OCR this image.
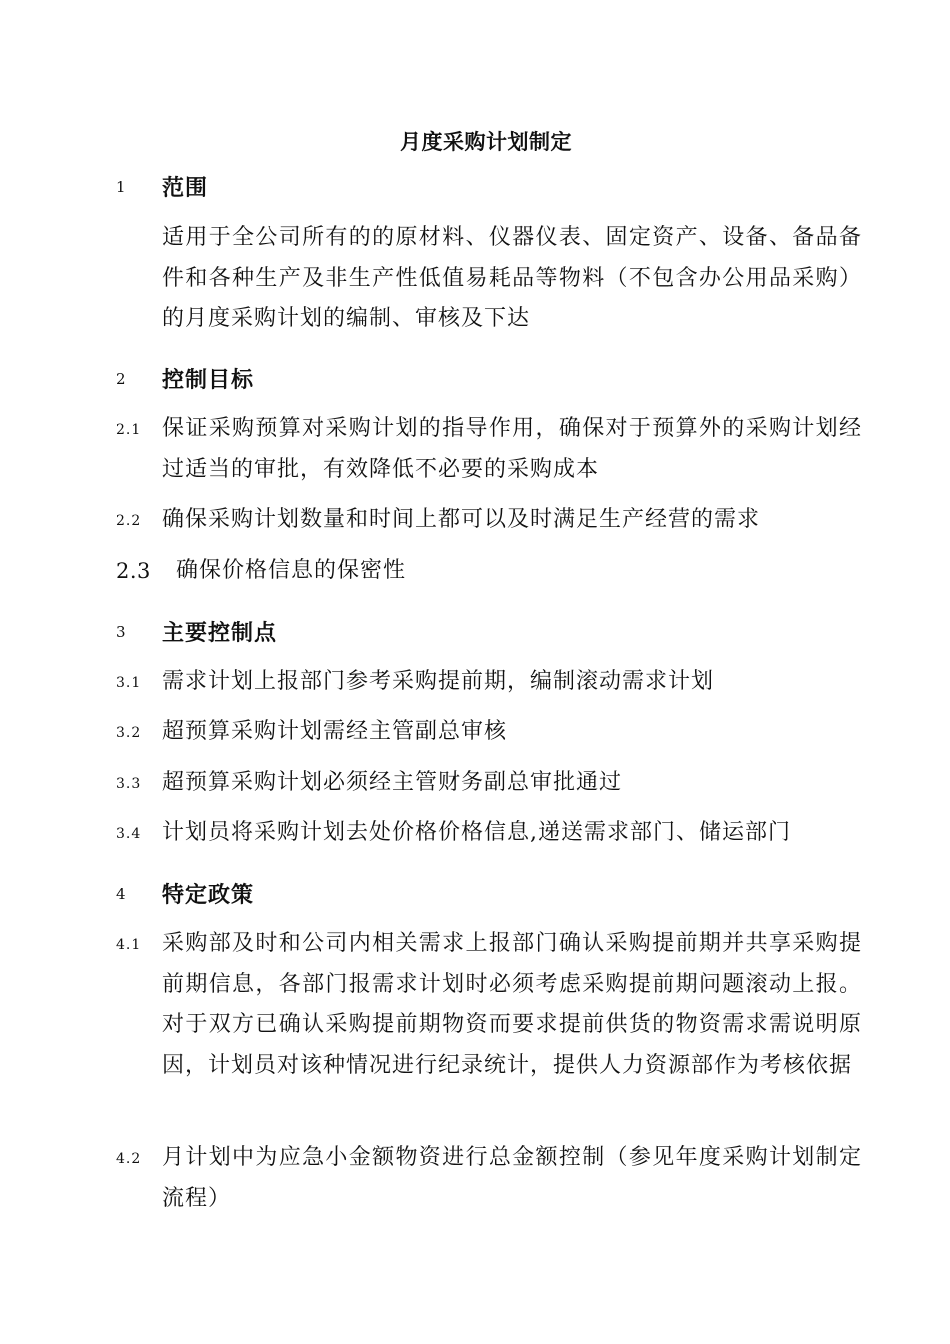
月度采购计划制定
1 范围
适用于全公司所有的的原材料、仪器仪表、固定资产、设备、备品备件和各种生产及非生产性低值易耗品等物料（不包含办公用品采购）的月度采购计划的编制、审核及下达
2 控制目标
2.1 保证采购预算对采购计划的指导作用，确保对于预算外的采购计划经过适当的审批，有效降低不必要的采购成本
2.2 确保采购计划数量和时间上都可以及时满足生产经营的需求
2.3 确保价格信息的保密性
3 主要控制点
3.1 需求计划上报部门参考采购提前期，编制滚动需求计划
3.2 超预算采购计划需经主管副总审核
3.3 超预算采购计划必须经主管财务副总审批通过
3.4 计划员将采购计划去处价格价格信息,递送需求部门、储运部门
4 特定政策
4.1 采购部及时和公司内相关需求上报部门确认采购提前期并共享采购提前期信息，各部门报需求计划时必须考虑采购提前期问题滚动上报。对于双方已确认采购提前期物资而要求提前供货的物资需求需说明原因，计划员对该种情况进行纪录统计，提供人力资源部作为考核依据
4.2 月计划中为应急小金额物资进行总金额控制（参见年度采购计划制定流程）
